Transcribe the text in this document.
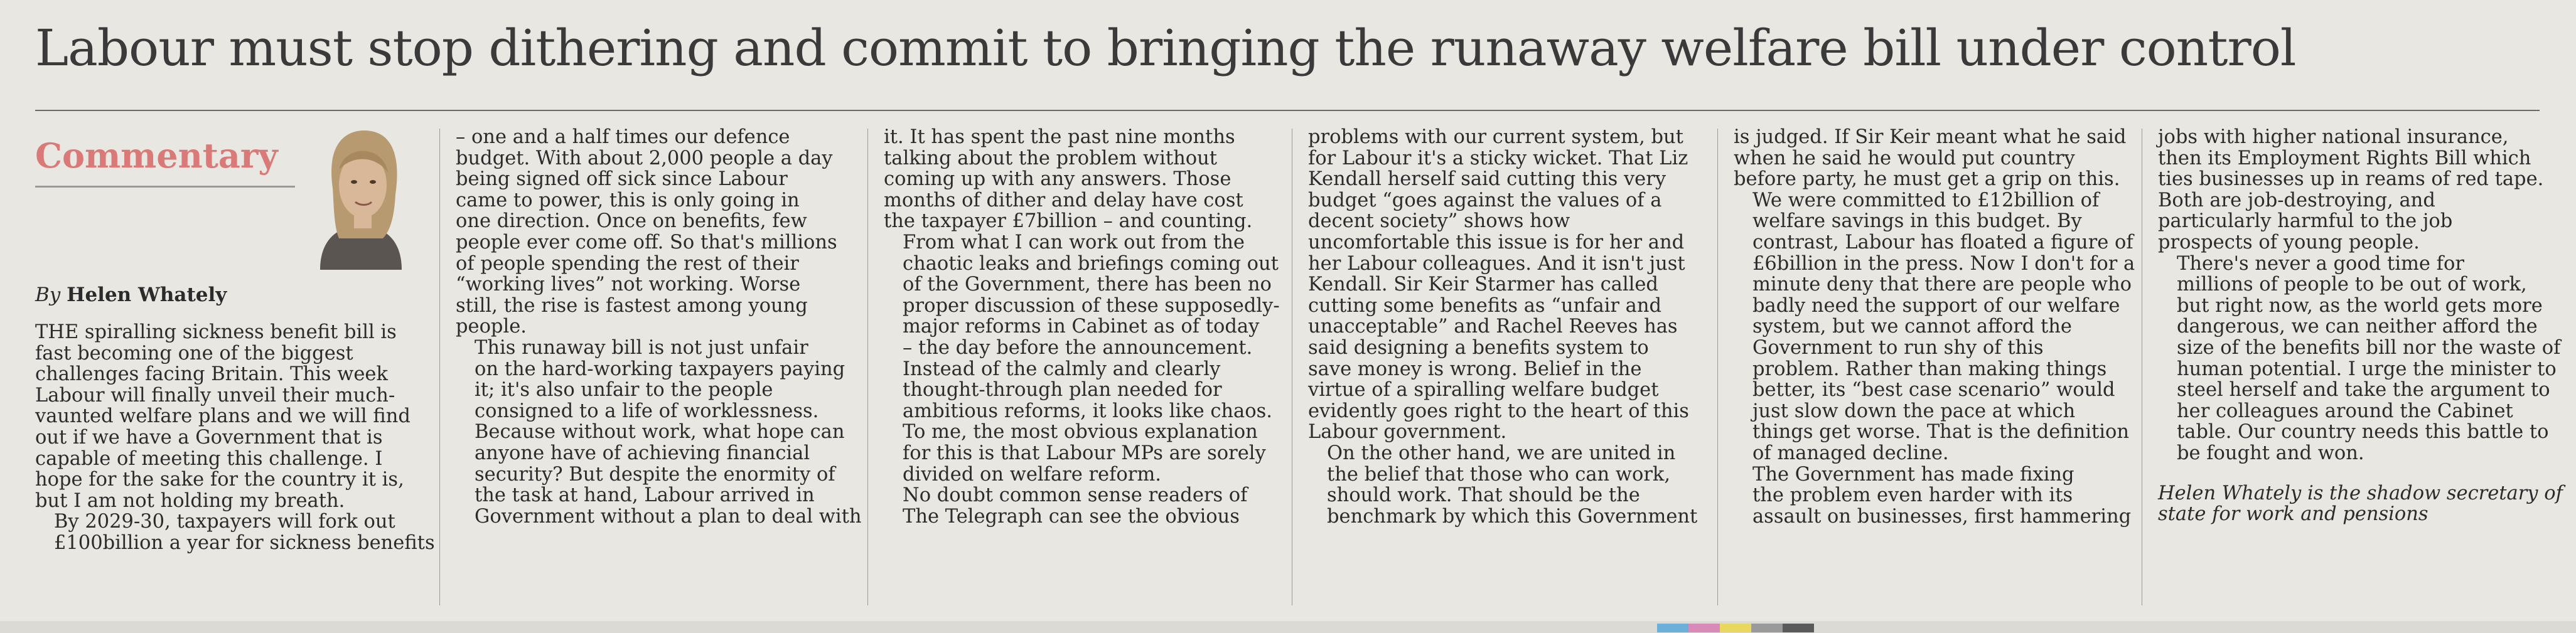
Labour must stop dithering and commit to bringing the runaway welfare bill under control
Commentary
By Helen Whately

THE spiralling sickness benefit bill is
fast becoming one of the biggest
challenges facing Britain. This week
Labour will finally unveil their much-
vaunted welfare plans and we will find
out if we have a Government that is
capable of meeting this challenge. I
hope for the sake for the country it is,
but I am not holding my breath.

By 2029-30, taxpayers will fork out
£100billion a year for sickness benefits

– one and a half times our defence
budget. With about 2,000 people a day
being signed off sick since Labour
came to power, this is only going in
one direction. Once on benefits, few
people ever come off. So that's millions
of people spending the rest of their
“working lives” not working. Worse
still, the rise is fastest among young
people.

This runaway bill is not just unfair
on the hard-working taxpayers paying
it; it's also unfair to the people
consigned to a life of worklessness.
Because without work, what hope can
anyone have of achieving financial
security? But despite the enormity of
the task at hand, Labour arrived in
Government without a plan to deal with

it. It has spent the past nine months
talking about the problem without
coming up with any answers. Those
months of dither and delay have cost
the taxpayer £7billion – and counting.

From what I can work out from the
chaotic leaks and briefings coming out
of the Government, there has been no
proper discussion of these supposedly-
major reforms in Cabinet as of today
– the day before the announcement.
Instead of the calmly and clearly
thought-through plan needed for
ambitious reforms, it looks like chaos.
To me, the most obvious explanation
for this is that Labour MPs are sorely
divided on welfare reform.

No doubt common sense readers of
The Telegraph can see the obvious

problems with our current system, but
for Labour it's a sticky wicket. That Liz
Kendall herself said cutting this very
budget “goes against the values of a
decent society” shows how
uncomfortable this issue is for her and
her Labour colleagues. And it isn't just
Kendall. Sir Keir Starmer has called
cutting some benefits as “unfair and
unacceptable” and Rachel Reeves has
said designing a benefits system to
save money is wrong. Belief in the
virtue of a spiralling welfare budget
evidently goes right to the heart of this
Labour government.

On the other hand, we are united in
the belief that those who can work,
should work. That should be the
benchmark by which this Government

is judged. If Sir Keir meant what he said
when he said he would put country
before party, he must get a grip on this.

We were committed to £12billion of
welfare savings in this budget. By
contrast, Labour has floated a figure of
£6billion in the press. Now I don't for a
minute deny that there are people who
badly need the support of our welfare
system, but we cannot afford the
Government to run shy of this
problem. Rather than making things
better, its “best case scenario” would
just slow down the pace at which
things get worse. That is the definition
of managed decline.

The Government has made fixing
the problem even harder with its
assault on businesses, first hammering

jobs with higher national insurance,
then its Employment Rights Bill which
ties businesses up in reams of red tape.
Both are job-destroying, and
particularly harmful to the job
prospects of young people.

There's never a good time for
millions of people to be out of work,
but right now, as the world gets more
dangerous, we can neither afford the
size of the benefits bill nor the waste of
human potential. I urge the minister to
steel herself and take the argument to
her colleagues around the Cabinet
table. Our country needs this battle to
be fought and won.

Helen Whately is the shadow secretary of
state for work and pensions
